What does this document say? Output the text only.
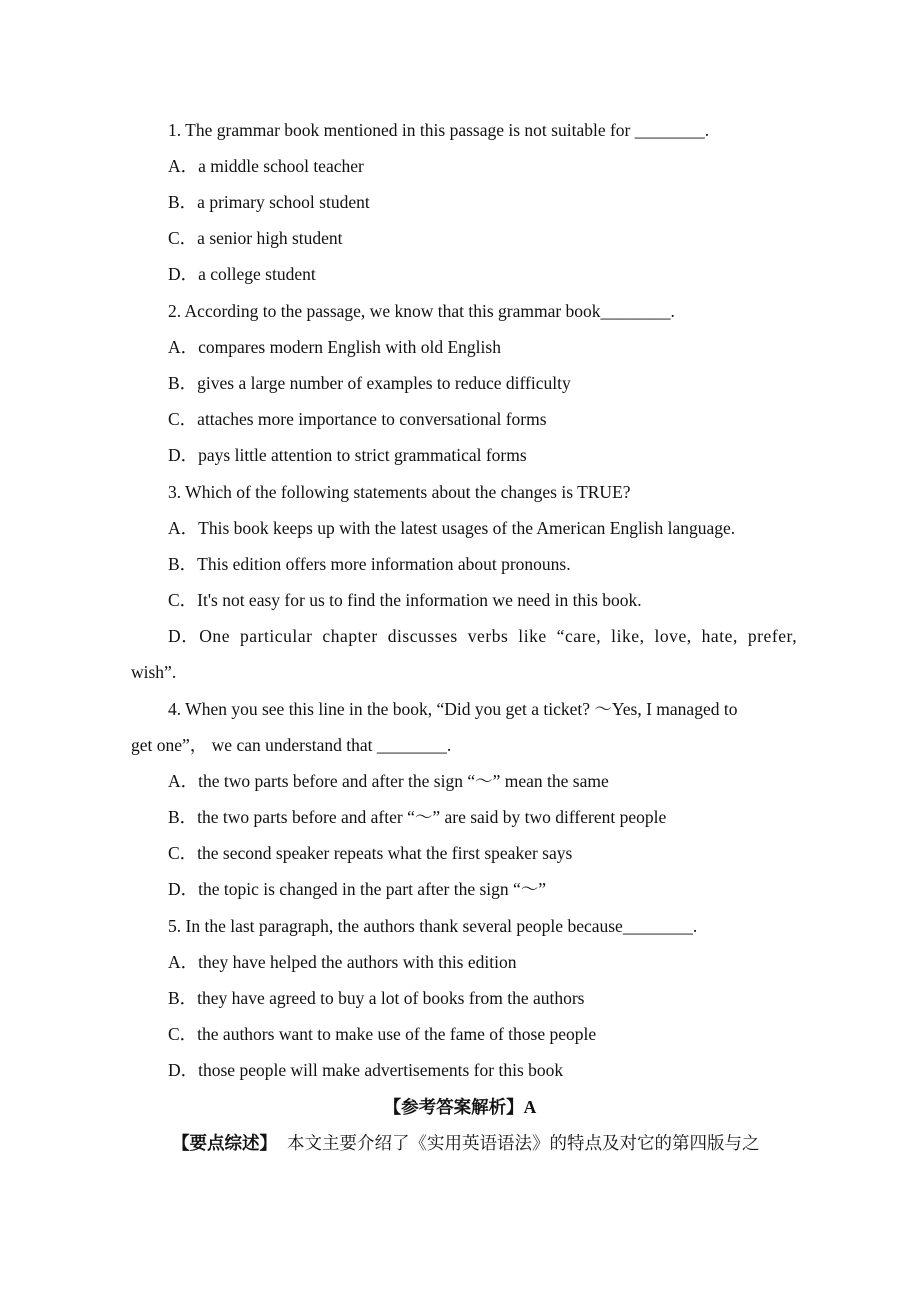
1. The grammar book mentioned in this passage is not suitable for ________.
A．a middle school teacher
B．a primary school student
C．a senior high student
D．a college student
2. According to the passage, we know that this grammar book________.
A．compares modern English with old English
B．gives a large number of examples to reduce difficulty
C．attaches more importance to conversational forms
D．pays little attention to strict grammatical forms
3. Which of the following statements about the changes is TRUE?
A．This book keeps up with the latest usages of the American English language.
B．This edition offers more information about pronouns.
C．It's not easy for us to find the information we need in this book.
D．One particular chapter discusses verbs like “care, like, love, hate, prefer,
wish”.
4. When you see this line in the book, “Did you get a ticket? ～Yes, I managed to
get one”， we can understand that ________.
A．the two parts before and after the sign “～” mean the same
B．the two parts before and after “～” are said by two different people
C．the second speaker repeats what the first speaker says
D．the topic is changed in the part after the sign “～”
5. In the last paragraph, the authors thank several people because________.
A．they have helped the authors with this edition
B．they have agreed to buy a lot of books from the authors
C．the authors want to make use of the fame of those people
D．those people will make advertisements for this book
【参考答案解析】A
【要点综述】 本文主要介绍了《实用英语语法》的特点及对它的第四版与之
